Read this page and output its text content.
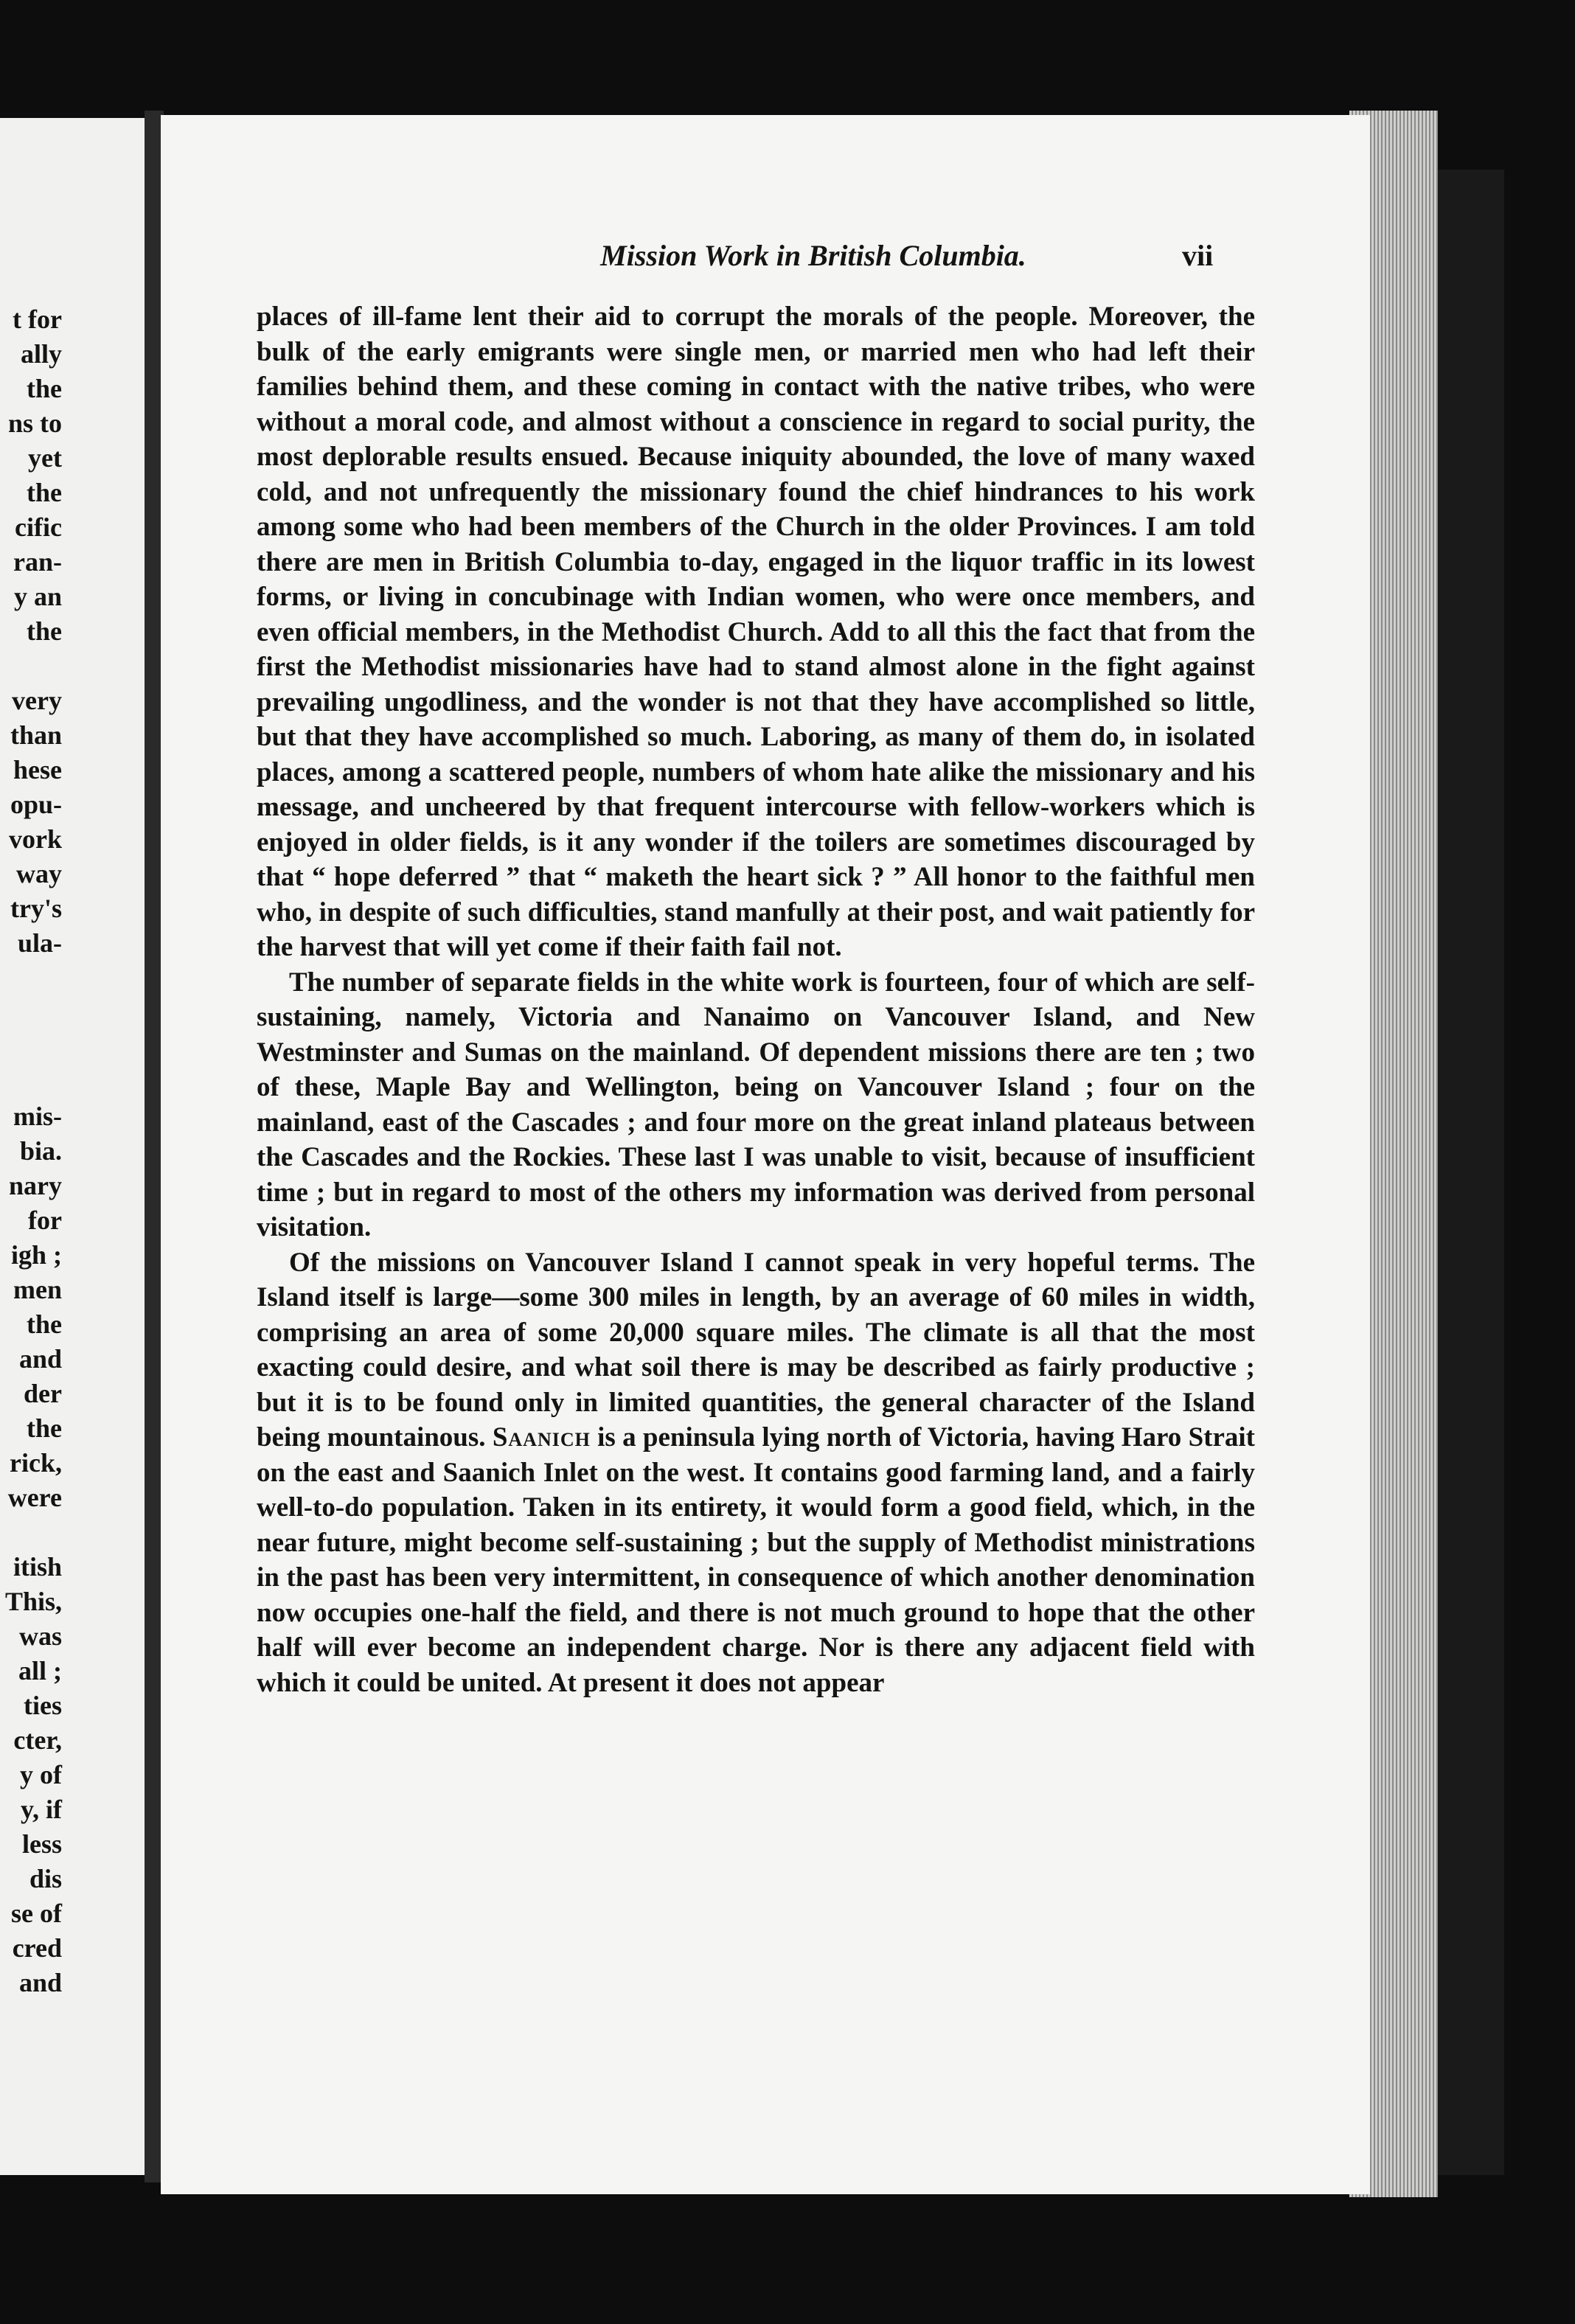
t for
ally
the
ns to
yet
the
cific
ran-
y an
the
very
than
hese
opu-
vork
way
try's
ula-
mis-
bia.
nary
for
igh ;
men
the
and
der
the
rick,
were
itish
This,
was
all ;
ties
cter,
y of
y, if
less
dis
se of
cred
and
Mission Work in British Columbia.	vii

places of ill-fame lent their aid to corrupt the morals of the people. Moreover, the bulk of the early emigrants were single men, or married men who had left their families behind them, and these coming in contact with the native tribes, who were without a moral code, and almost without a conscience in regard to social purity, the most deplorable results ensued. Because iniquity abounded, the love of many waxed cold, and not unfrequently the missionary found the chief hindrances to his work among some who had been members of the Church in the older Provinces. I am told there are men in British Columbia to-day, engaged in the liquor traffic in its lowest forms, or living in concubinage with Indian women, who were once members, and even official members, in the Methodist Church. Add to all this the fact that from the first the Methodist missionaries have had to stand almost alone in the fight against prevailing ungodliness, and the wonder is not that they have accomplished so little, but that they have accomplished so much. Laboring, as many of them do, in isolated places, among a scattered people, numbers of whom hate alike the missionary and his message, and uncheered by that frequent intercourse with fellow-workers which is enjoyed in older fields, is it any wonder if the toilers are sometimes discouraged by that “ hope deferred ” that “ maketh the heart sick ? ” All honor to the faithful men who, in despite of such difficulties, stand manfully at their post, and wait patiently for the harvest that will yet come if their faith fail not.

The number of separate fields in the white work is fourteen, four of which are self-sustaining, namely, Victoria and Nanaimo on Vancouver Island, and New Westminster and Sumas on the mainland. Of dependent missions there are ten ; two of these, Maple Bay and Wellington, being on Vancouver Island ; four on the mainland, east of the Cascades ; and four more on the great inland plateaus between the Cascades and the Rockies. These last I was unable to visit, because of insufficient time ; but in regard to most of the others my information was derived from personal visitation.

Of the missions on Vancouver Island I cannot speak in very hopeful terms. The Island itself is large—some 300 miles in length, by an average of 60 miles in width, comprising an area of some 20,000 square miles. The climate is all that the most exacting could desire, and what soil there is may be described as fairly productive ; but it is to be found only in limited quantities, the general character of the Island being mountainous. Saanich is a peninsula lying north of Victoria, having Haro Strait on the east and Saanich Inlet on the west. It contains good farming land, and a fairly well-to-do population. Taken in its entirety, it would form a good field, which, in the near future, might become self-sustaining ; but the supply of Methodist ministrations in the past has been very intermittent, in consequence of which another denomination now occupies one-half the field, and there is not much ground to hope that the other half will ever become an independent charge. Nor is there any adjacent field with which it could be united. At present it does not appear
